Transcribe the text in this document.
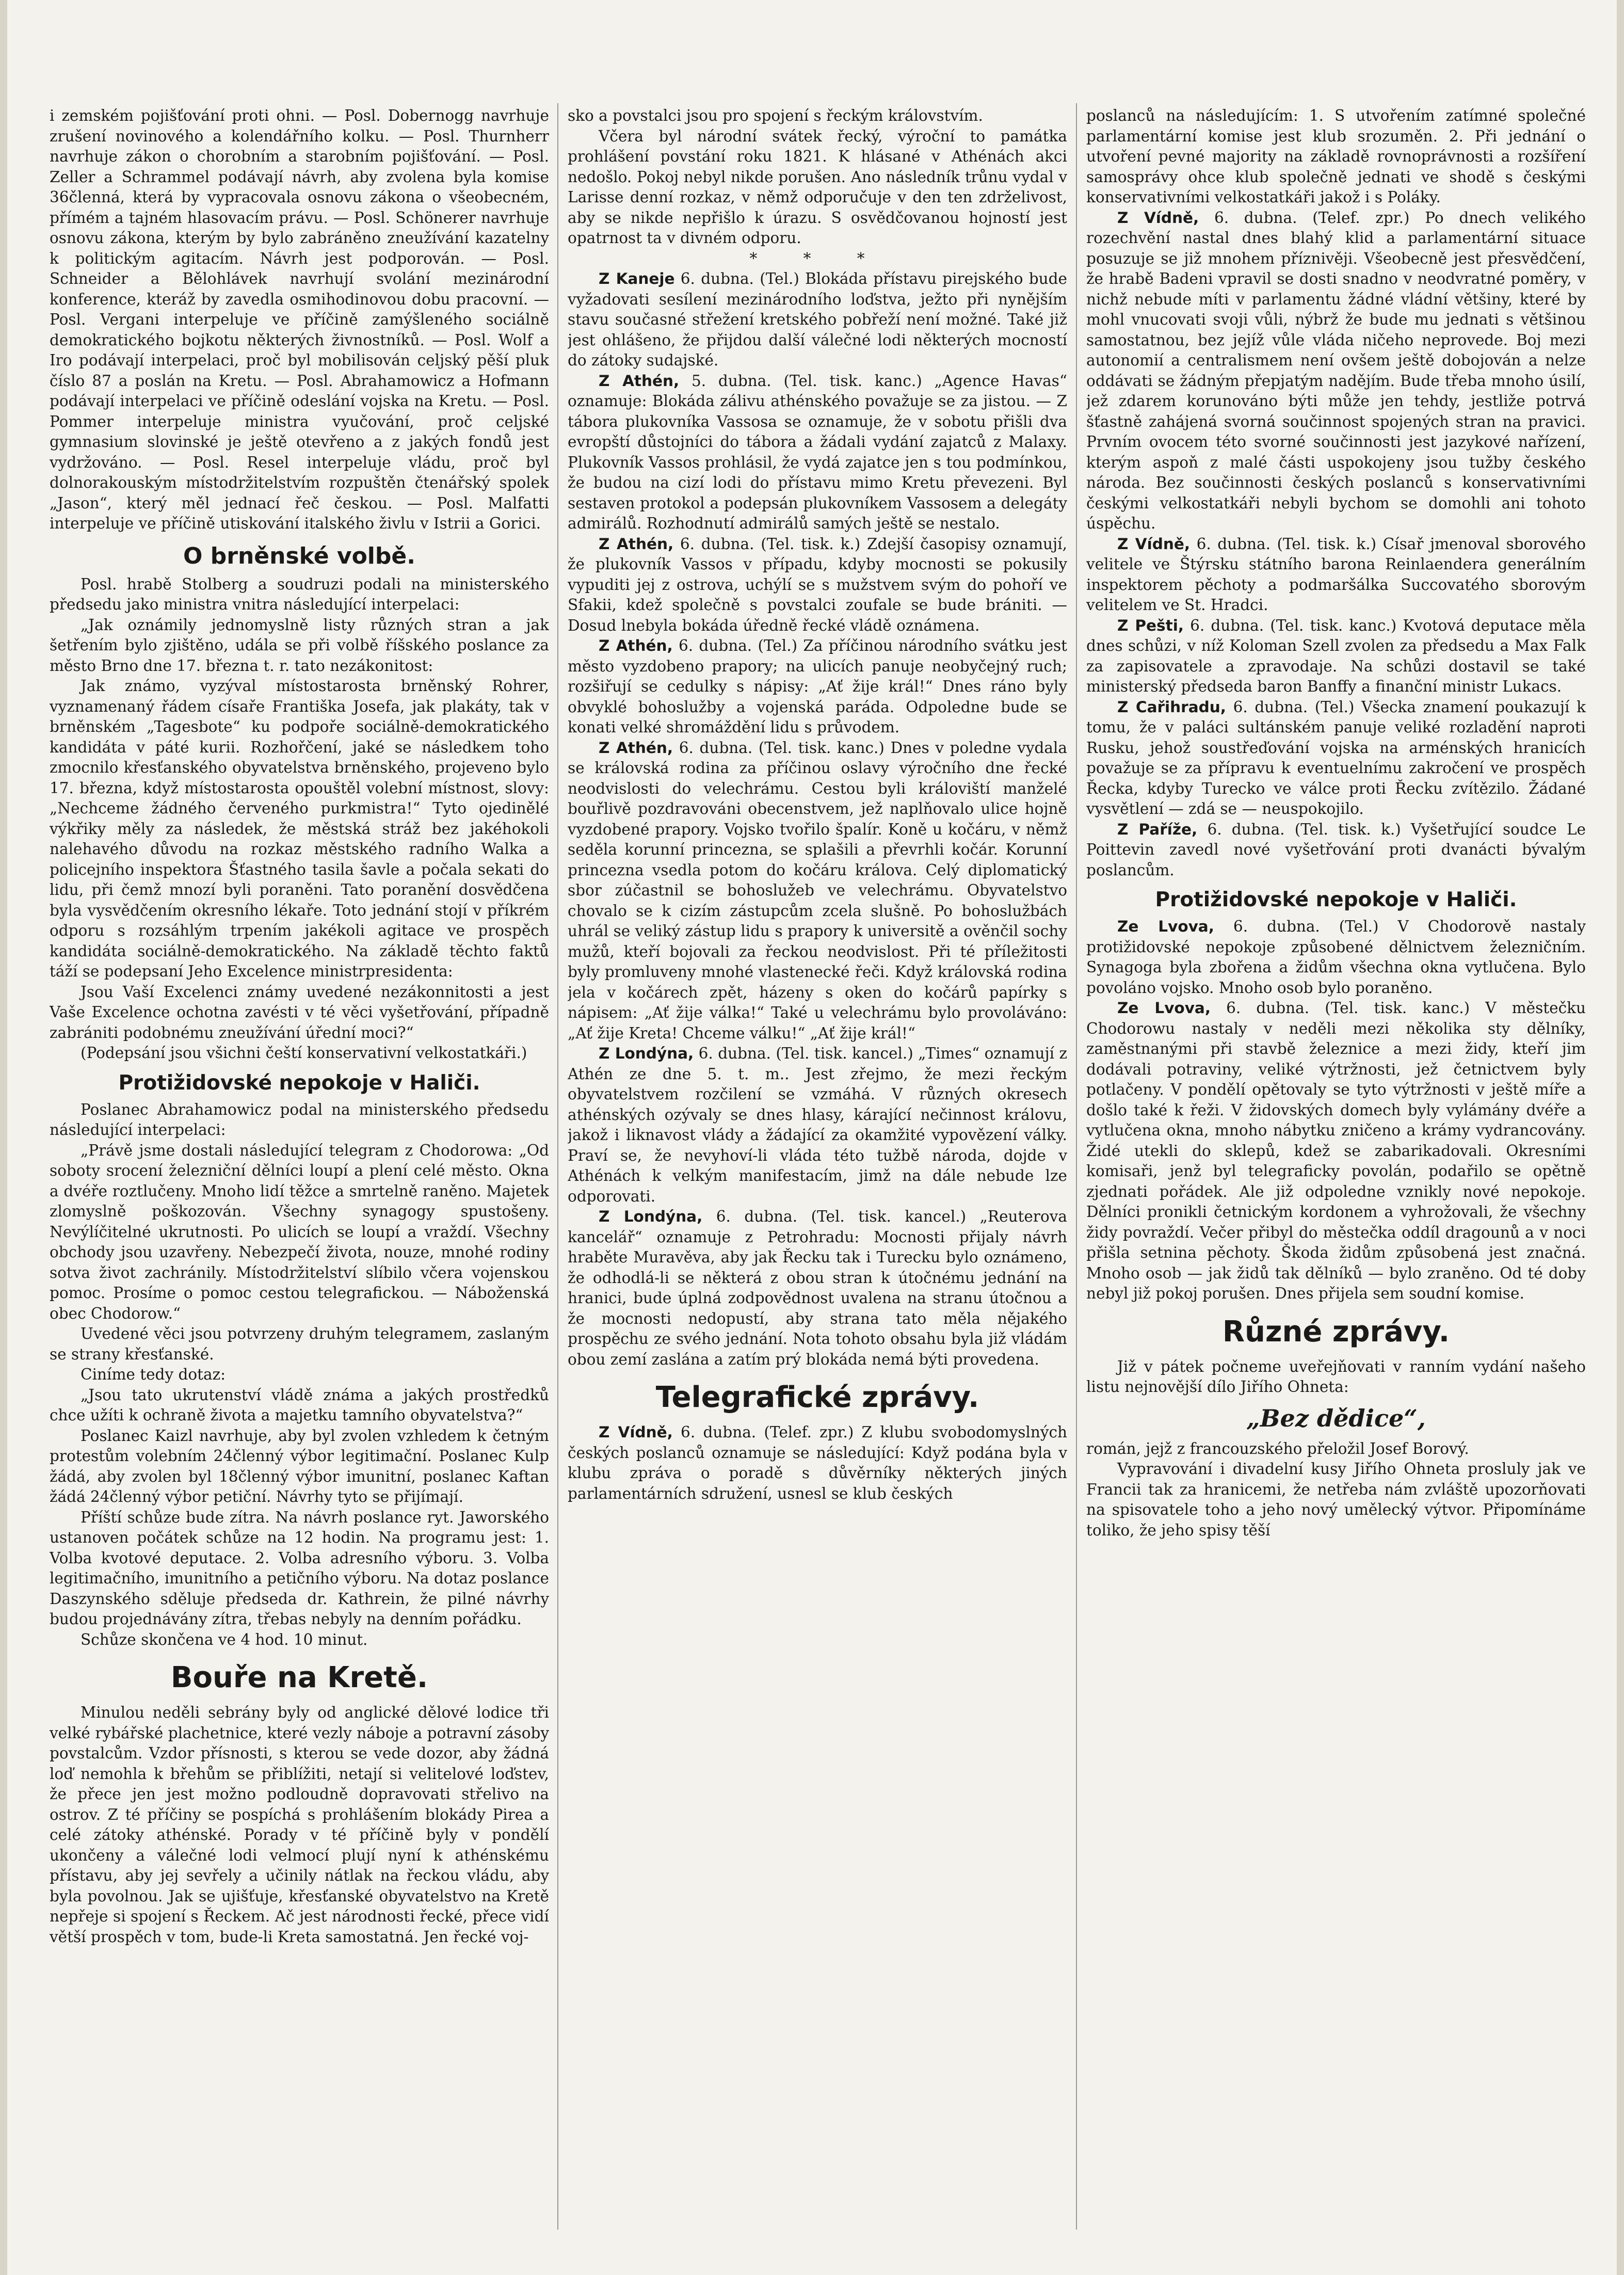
i zemském pojišťování proti ohni. — Posl. Dobernogg navrhuje zrušení novinového a kolendářního kolku. — Posl. Thurnherr navrhuje zákon o chorobním a starobním pojišťování. — Posl. Zeller a Schrammel podávají návrh, aby zvolena byla komise 36členná, která by vypracovala osnovu zákona o všeobecném, přímém a tajném hlasovacím právu. — Posl. Schönerer navrhuje osnovu zákona, kterým by bylo zabráněno zneužívání kazatelny k politickým agitacím. Návrh jest podporován. — Posl. Schneider a Bělohlávek navrhují svolání mezinárodní konference, kteráž by zavedla osmihodinovou dobu pracovní. — Posl. Vergani interpeluje ve příčině zamýšleného sociálně demokratického bojkotu některých živnostníků. — Posl. Wolf a Iro podávají interpelaci, proč byl mobilisován celjský pěší pluk číslo 87 a poslán na Kretu. — Posl. Abrahamowicz a Hofmann podávají interpelaci ve příčině odeslání vojska na Kretu. — Posl. Pommer interpeluje ministra vyučování, proč celjské gymnasium slovinské je ještě otevřeno a z jakých fondů jest vydržováno. — Posl. Resel interpeluje vládu, proč byl dolnorakouským místodržitelstvím rozpuštěn čtenářský spolek „Jason“, který měl jednací řeč českou. — Posl. Malfatti interpeluje ve příčině utiskování italského živlu v Istrii a Gorici.

O brněnské volbě.

Posl. hrabě Stolberg a soudruzi podali na ministerského předsedu jako ministra vnitra následující interpelaci:

„Jak oznámily jednomyslně listy různých stran a jak šetřením bylo zjištěno, udála se při volbě říšského poslance za město Brno dne 17. března t. r. tato nezákonitost:

Jak známo, vyzýval místostarosta brněnský Rohrer, vyznamenaný řádem císaře Františka Josefa, jak plakáty, tak v brněnském „Tagesbote“ ku podpoře sociálně-demokratického kandidáta v páté kurii. Rozhořčení, jaké se následkem toho zmocnilo křesťanského obyvatelstva brněnského, projeveno bylo 17. března, když místostarosta opouštěl volební místnost, slovy: „Nechceme žádného červeného purkmistra!“ Tyto ojedinělé výkřiky měly za následek, že městská stráž bez jakéhokoli nalehavého důvodu na rozkaz městského radního Walka a policejního inspektora Šťastného tasila šavle a počala sekati do lidu, při čemž mnozí byli poraněni. Tato poranění dosvědčena byla vysvědčením okresního lékaře. Toto jednání stojí v příkrém odporu s rozsáhlým trpením jakékoli agitace ve prospěch kandidáta sociálně-demokratického. Na základě těchto faktů táží se podepsaní Jeho Excelence ministrpresidenta:

Jsou Vaší Excelenci známy uvedené nezákonnitosti a jest Vaše Excelence ochotna zavésti v té věci vyšetřování, případně zabrániti podobnému zneužívání úřední moci?“

(Podepsání jsou všichni čeští konservativní velkostatkáři.)

Protižidovské nepokoje v Haliči.

Poslanec Abrahamowicz podal na ministerského předsedu následující interpelaci:

„Právě jsme dostali následující telegram z Chodorowa: „Od soboty srocení železniční dělníci loupí a plení celé město. Okna a dvéře roztlučeny. Mnoho lidí těžce a smrtelně raněno. Majetek zlomyslně poškozován. Všechny synagogy spustošeny. Nevýlíčitelné ukrutnosti. Po ulicích se loupí a vraždí. Všechny obchody jsou uzavřeny. Nebezpečí života, nouze, mnohé rodiny sotva život zachránily. Místodržitelství slíbilo včera vojenskou pomoc. Prosíme o pomoc cestou telegrafickou. — Náboženská obec Chodorow.“

Uvedené věci jsou potvrzeny druhým telegramem, zaslaným se strany křesťanské.

Ciníme tedy dotaz:

„Jsou tato ukrutenství vládě známa a jakých prostředků chce užíti k ochraně života a majetku tamního obyvatelstva?“

Poslanec Kaizl navrhuje, aby byl zvolen vzhledem k četným protestům volebním 24členný výbor legitimační. Poslanec Kulp žádá, aby zvolen byl 18členný výbor imunitní, poslanec Kaftan žádá 24členný výbor petiční. Návrhy tyto se přijímají.

Příští schůze bude zítra. Na návrh poslance ryt. Jaworského ustanoven počátek schůze na 12 hodin. Na programu jest: 1. Volba kvotové deputace. 2. Volba adresního výboru. 3. Volba legitimačního, imunitního a petičního výboru. Na dotaz poslance Daszynského sděluje předseda dr. Kathrein, že pilné návrhy budou projednávány zítra, třebas nebyly na denním pořádku.

Schůze skončena ve 4 hod. 10 minut.

Bouře na Kretě.

Minulou neděli sebrány byly od anglické dělové lodice tři velké rybářské plachetnice, které vezly náboje a potravní zásoby povstalcům. Vzdor přísnosti, s kterou se vede dozor, aby žádná loď nemohla k břehům se přiblížiti, netají si velitelové loďstev, že přece jen jest možno podloudně dopravovati střelivo na ostrov. Z té příčiny se pospíchá s prohlášením blokády Pirea a celé zátoky athénské. Porady v té příčině byly v pondělí ukončeny a válečné lodi velmocí plují nyní k athénskému přístavu, aby jej sevřely a učinily nátlak na řeckou vládu, aby byla povolnou. Jak se ujišťuje, křesťanské obyvatelstvo na Kretě nepřeje si spojení s Řeckem. Ač jest národnosti řecké, přece vidí větší prospěch v tom, bude-li Kreta samostatná. Jen řecké voj-

sko a povstalci jsou pro spojení s řeckým královstvím.

Včera byl národní svátek řecký, výroční to památka prohlášení povstání roku 1821. K hlásané v Athénách akci nedošlo. Pokoj nebyl nikde porušen. Ano následník trůnu vydal v Larisse denní rozkaz, v němž odporučuje v den ten zdrželivost, aby se nikde nepřišlo k úrazu. S osvědčovanou hojností jest opatrnost ta v divném odporu.

* * *

Z Kaneje 6. dubna. (Tel.) Blokáda přístavu pirejského bude vyžadovati sesílení mezinárodního loďstva, ježto při nynějším stavu současné střežení kretského pobřeží není možné. Také již jest ohlášeno, že přijdou další válečné lodi některých mocností do zátoky sudajské.

Z Athén, 5. dubna. (Tel. tisk. kanc.) „Agence Havas“ oznamuje: Blokáda zálivu athénského považuje se za jistou. — Z tábora plukovníka Vassosa se oznamuje, že v sobotu přišli dva evropští důstojníci do tábora a žádali vydání zajatců z Malaxy. Plukovník Vassos prohlásil, že vydá zajatce jen s tou podmínkou, že budou na cizí lodi do přístavu mimo Kretu převezeni. Byl sestaven protokol a podepsán plukovníkem Vassosem a delegáty admirálů. Rozhodnutí admirálů samých ještě se nestalo.

Z Athén, 6. dubna. (Tel. tisk. k.) Zdejší časopisy oznamují, že plukovník Vassos v případu, kdyby mocnosti se pokusily vypuditi jej z ostrova, uchýlí se s mužstvem svým do pohoří ve Sfakii, kdež společně s povstalci zoufale se bude brániti. — Dosud lnebyla bokáda úředně řecké vládě oznámena.

Z Athén, 6. dubna. (Tel.) Za příčinou národního svátku jest město vyzdobeno prapory; na ulicích panuje neobyčejný ruch; rozšiřují se cedulky s nápisy: „Ať žije král!“ Dnes ráno byly obvyklé bohoslužby a vojenská paráda. Odpoledne bude se konati velké shromáždění lidu s průvodem.

Z Athén, 6. dubna. (Tel. tisk. kanc.) Dnes v poledne vydala se královská rodina za příčinou oslavy výročního dne řecké neodvislosti do velechrámu. Cestou byli královiští manželé bouřlivě pozdravováni obecenstvem, jež naplňovalo ulice hojně vyzdobené prapory. Vojsko tvořilo špalír. Koně u kočáru, v němž seděla korunní princezna, se splašili a převrhli kočár. Korunní princezna vsedla potom do kočáru králova. Celý diplomatický sbor zúčastnil se bohoslužeb ve velechrámu. Obyvatelstvo chovalo se k cizím zástupcům zcela slušně. Po bohoslužbách uhrál se veliký zástup lidu s prapory k universitě a ověnčil sochy mužů, kteří bojovali za řeckou neodvislost. Při té příležitosti byly promluveny mnohé vlastenecké řeči. Když královská rodina jela v kočárech zpět, házeny s oken do kočárů papírky s nápisem: „Ať žije válka!“ Také u velechrámu bylo provoláváno: „Ať žije Kreta! Chceme válku!“ „Ať žije král!“

Z Londýna, 6. dubna. (Tel. tisk. kancel.) „Times“ oznamují z Athén ze dne 5. t. m.. Jest zřejmo, že mezi řeckým obyvatelstvem rozčilení se vzmáhá. V různých okresech athénských ozývaly se dnes hlasy, kárající nečinnost královu, jakož i liknavost vlády a žádající za okamžité vypovězení války. Praví se, že nevyhoví-li vláda této tužbě národa, dojde v Athénách k velkým manifestacím, jimž na dále nebude lze odporovati.

Z Londýna, 6. dubna. (Tel. tisk. kancel.) „Reuterova kancelář“ oznamuje z Petrohradu: Mocnosti přijaly návrh hraběte Muravěva, aby jak Řecku tak i Turecku bylo oznámeno, že odhodlá-li se některá z obou stran k útočnému jednání na hranici, bude úplná zodpovědnost uvalena na stranu útočnou a že mocnosti nedopustí, aby strana tato měla nějakého prospěchu ze svého jednání. Nota tohoto obsahu byla již vládám obou zemí zaslána a zatím prý blokáda nemá býti provedena.

Telegrafické zprávy.

Z Vídně, 6. dubna. (Telef. zpr.) Z klubu svobodomyslných českých poslanců oznamuje se následující: Když podána byla v klubu zpráva o poradě s důvěrníky některých jiných parlamentárních sdružení, usnesl se klub českých

poslanců na následujícím: 1. S utvořením zatímné společné parlamentární komise jest klub srozuměn. 2. Při jednání o utvoření pevné majority na základě rovnoprávnosti a rozšíření samosprávy ohce klub společně jednati ve shodě s českými konservativními velkostatkáři jakož i s Poláky.

Z Vídně, 6. dubna. (Telef. zpr.) Po dnech velikého rozechvění nastal dnes blahý klid a parlamentární situace posuzuje se již mnohem příznivěji. Všeobecně jest přesvědčení, že hrabě Badeni vpravil se dosti snadno v neodvratné poměry, v nichž nebude míti v parlamentu žádné vládní většiny, které by mohl vnucovati svoji vůli, nýbrž že bude mu jednati s většinou samostatnou, bez jejíž vůle vláda ničeho neprovede. Boj mezi autonomií a centralismem není ovšem ještě dobojován a nelze oddávati se žádným přepjatým nadějím. Bude třeba mnoho úsilí, jež zdarem korunováno býti může jen tehdy, jestliže potrvá šťastně zahájená svorná součinnost spojených stran na pravici. Prvním ovocem této svorné součinnosti jest jazykové nařízení, kterým aspoň z malé části uspokojeny jsou tužby českého národa. Bez součinnosti českých poslanců s konservativními českými velkostatkáři nebyli bychom se domohli ani tohoto úspěchu.

Z Vídně, 6. dubna. (Tel. tisk. k.) Císař jmenoval sborového velitele ve Štýrsku státního barona Reinlaendera generálním inspektorem pěchoty a podmaršálka Succovatého sborovým velitelem ve St. Hradci.

Z Pešti, 6. dubna. (Tel. tisk. kanc.) Kvotová deputace měla dnes schůzi, v níž Koloman Szell zvolen za předsedu a Max Falk za zapisovatele a zpravodaje. Na schůzi dostavil se také ministerský předseda baron Banffy a finanční ministr Lukacs.

Z Cařihradu, 6. dubna. (Tel.) Všecka znamení poukazují k tomu, že v paláci sultánském panuje veliké rozladění naproti Rusku, jehož soustřeďování vojska na arménských hranicích považuje se za přípravu k eventuelnímu zakročení ve prospěch Řecka, kdyby Turecko ve válce proti Řecku zvítězilo. Žádané vysvětlení — zdá se — neuspokojilo.

Z Paříže, 6. dubna. (Tel. tisk. k.) Vyšetřující soudce Le Poittevin zavedl nové vyšetřování proti dvanácti bývalým poslancům.

Protižidovské nepokoje v Haliči.

Ze Lvova, 6. dubna. (Tel.) V Chodorově nastaly protižidovské nepokoje způsobené dělnictvem železničním. Synagoga byla zbořena a židům všechna okna vytlučena. Bylo povoláno vojsko. Mnoho osob bylo poraněno.

Ze Lvova, 6. dubna. (Tel. tisk. kanc.) V městečku Chodorowu nastaly v neděli mezi několika sty dělníky, zaměstnanými při stavbě železnice a mezi židy, kteří jim dodávali potraviny, veliké výtržnosti, jež četnictvem byly potlačeny. V pondělí opětovaly se tyto výtržnosti v ještě míře a došlo také k řeži. V židovských domech byly vylámány dvéře a vytlučena okna, mnoho nábytku zničeno a krámy vydrancovány. Židé utekli do sklepů, kdež se zabarikadovali. Okresními komisaři, jenž byl telegraficky povolán, podařilo se opětně zjednati pořádek. Ale již odpoledne vznikly nové nepokoje. Dělníci pronikli četnickým kordonem a vyhrožovali, že všechny židy povraždí. Večer přibyl do městečka oddíl dragounů a v noci přišla setnina pěchoty. Škoda židům způsobená jest značná. Mnoho osob — jak židů tak dělníků — bylo zraněno. Od té doby nebyl již pokoj porušen. Dnes přijela sem soudní komise.

Různé zprávy.

Již v pátek počneme uveřejňovati v ranním vydání našeho listu nejnovější dílo Jiřího Ohneta:

„Bez dědice“,

román, jejž z francouzského přeložil Josef Borový.

Vypravování i divadelní kusy Jiřího Ohneta prosluly jak ve Francii tak za hranicemi, že netřeba nám zvláště upozorňovati na spisovatele toho a jeho nový umělecký výtvor. Připomínáme toliko, že jeho spisy těší
